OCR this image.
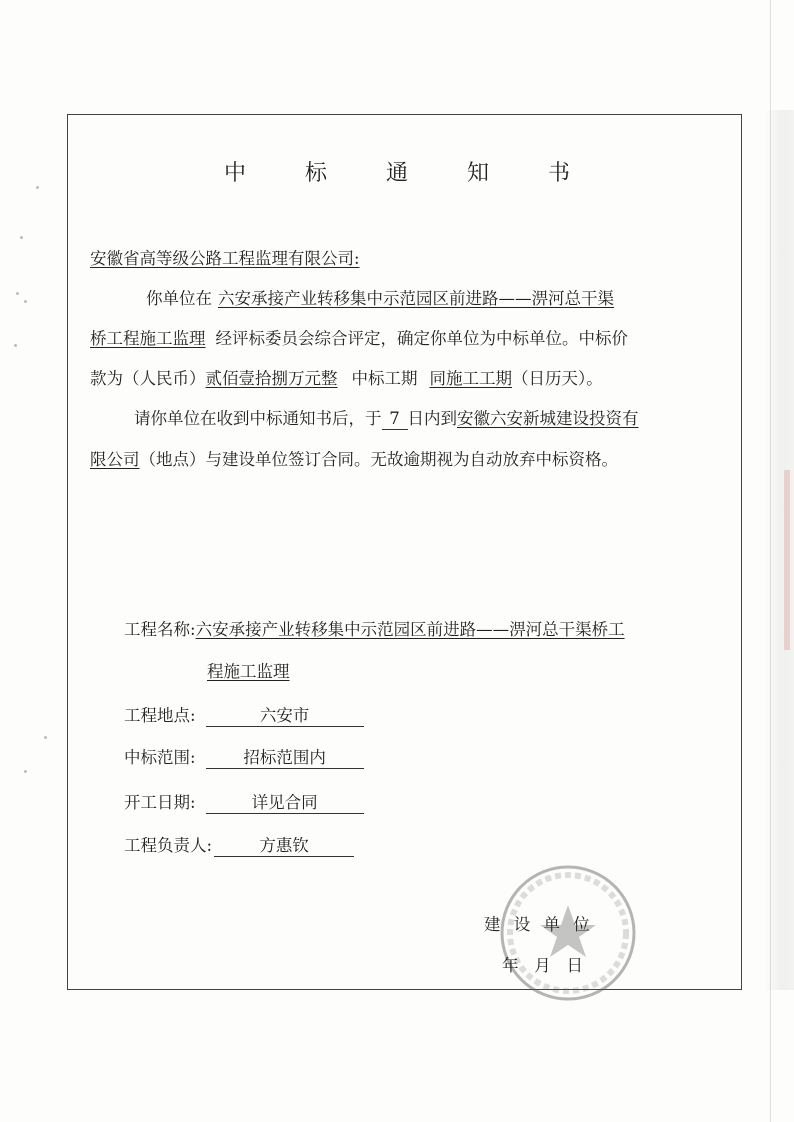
中 标 通 知 书
安徽省高等级公路工程监理有限公司:
你单位在 六安承接产业转移集中示范园区前进路——淠河总干渠
桥工程施工监理 经评标委员会综合评定，确定你单位为中标单位。中标价
款为（人民币）贰佰壹拾捌万元整 中标工期 同施工工期（日历天）。
请你单位在收到中标通知书后，于 7 日内到安徽六安新城建设投资有
限公司（地点）与建设单位签订合同。无故逾期视为自动放弃中标资格。
工程名称:六安承接产业转移集中示范园区前进路——淠河总干渠桥工
程施工监理
工程地点:	六安市
中标范围:	招标范围内
开工日期:	详见合同
工程负责人:	方惠钦
建 设 单 位
年   月   日
